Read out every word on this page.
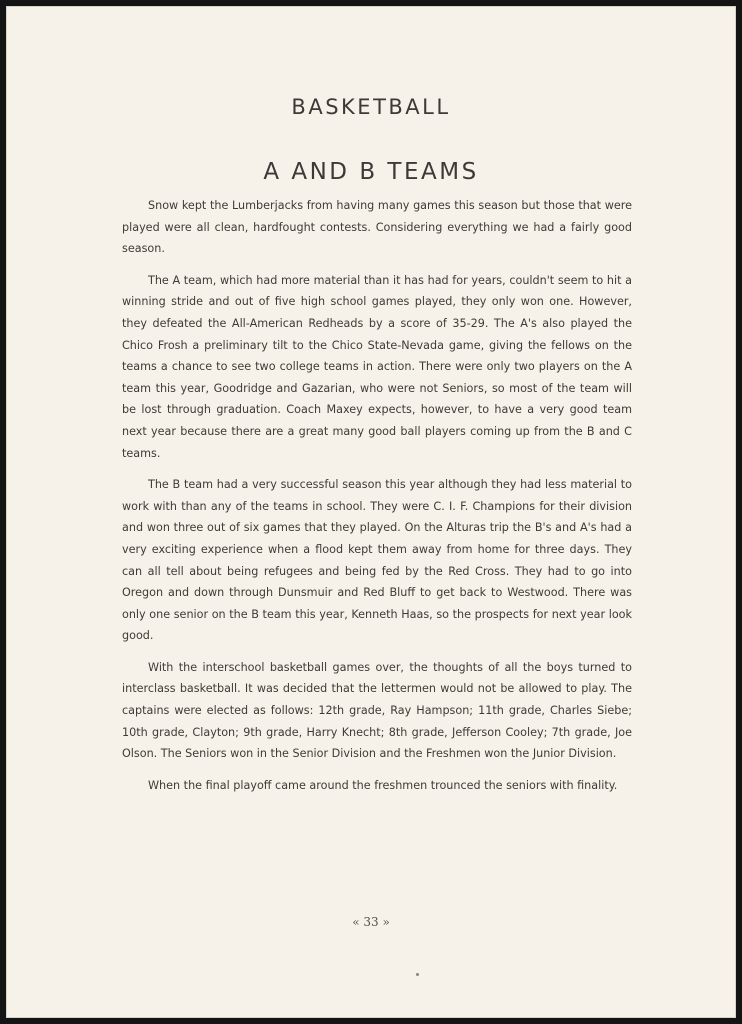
BASKETBALL
A AND B TEAMS

Snow kept the Lumberjacks from having many games this season but those that were played were all clean, hardfought contests. Considering everything we had a fairly good season.

The A team, which had more material than it has had for years, couldn't seem to hit a winning stride and out of five high school games played, they only won one. However, they defeated the All-American Redheads by a score of 35-29. The A's also played the Chico Frosh a preliminary tilt to the Chico State-Nevada game, giving the fellows on the teams a chance to see two college teams in action. There were only two players on the A team this year, Goodridge and Gazarian, who were not Seniors, so most of the team will be lost through graduation. Coach Maxey expects, however, to have a very good team next year because there are a great many good ball players coming up from the B and C teams.

The B team had a very successful season this year although they had less material to work with than any of the teams in school. They were C. I. F. Champions for their division and won three out of six games that they played. On the Alturas trip the B's and A's had a very exciting experience when a flood kept them away from home for three days. They can all tell about being refugees and being fed by the Red Cross. They had to go into Oregon and down through Dunsmuir and Red Bluff to get back to Westwood. There was only one senior on the B team this year, Kenneth Haas, so the prospects for next year look good.

With the interschool basketball games over, the thoughts of all the boys turned to interclass basketball. It was decided that the lettermen would not be allowed to play. The captains were elected as follows: 12th grade, Ray Hampson; 11th grade, Charles Siebe; 10th grade, Clayton; 9th grade, Harry Knecht; 8th grade, Jefferson Cooley; 7th grade, Joe Olson. The Seniors won in the Senior Division and the Freshmen won the Junior Division.

When the final playoff came around the freshmen trounced the seniors with finality.

« 33 »
